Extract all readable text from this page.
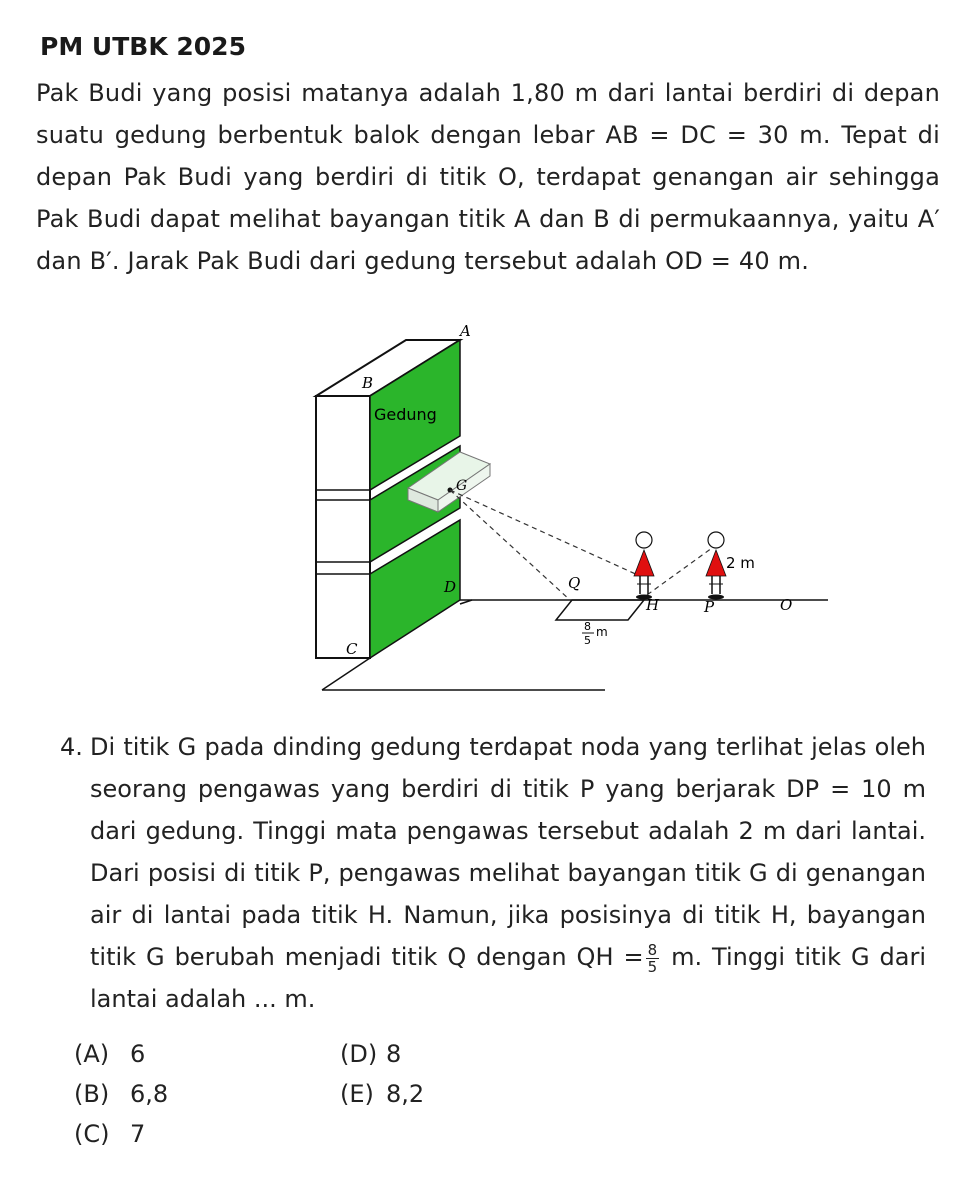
PM UTBK 2025
Pak Budi yang posisi matanya adalah 1,80 m dari lantai berdiri di depan suatu gedung berbentuk balok dengan lebar AB = DC = 30 m. Tepat di depan Pak Budi yang berdiri di titik O, terdapat genangan air sehingga Pak Budi dapat melihat bayangan titik A dan B di permukaannya, yaitu A′ dan B′. Jarak Pak Budi dari gedung tersebut adalah OD = 40 m.
A
B
Gedung
G
D
C
Q
H	P	O
2 m
8
5
m
4. Di titik G pada dinding gedung terdapat noda yang terlihat jelas oleh seorang pengawas yang berdiri di titik P yang berjarak DP = 10 m dari gedung. Tinggi mata pengawas tersebut adalah 2 m dari lantai. Dari posisi di titik P, pengawas melihat bayangan titik G di genangan air di lantai pada titik H. Namun, jika posisinya di titik H, bayangan titik G berubah menjadi titik Q dengan QH = $\frac{8}{5} m$. Tinggi titik G dari lantai adalah ... m.
(A) 6
(B) 6,8
(C) 7
(D) 8
(E) 8,2
